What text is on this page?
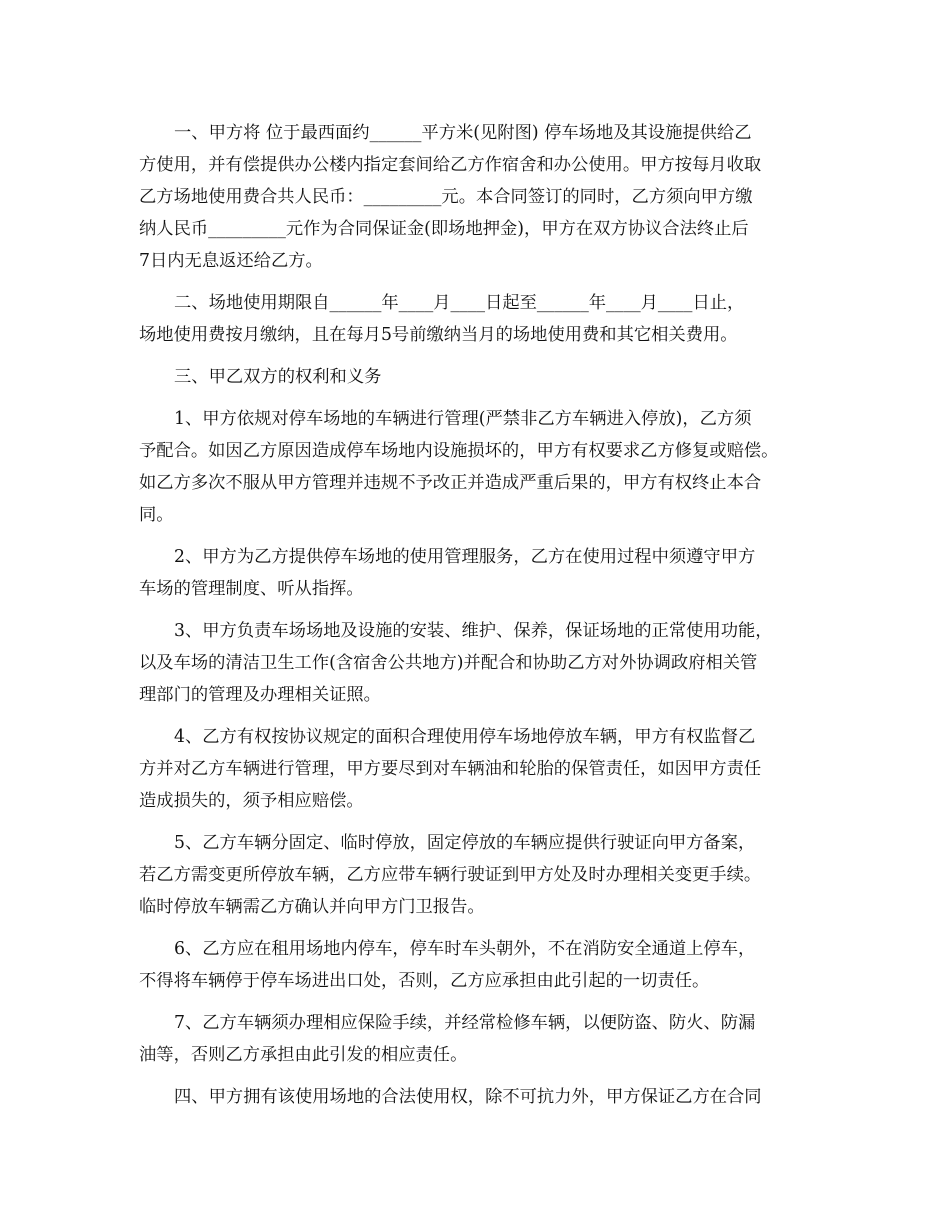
一、甲方将 位于最西面约______平方米(见附图) 停车场地及其设施提供给乙
方使用，并有偿提供办公楼内指定套间给乙方作宿舍和办公使用。甲方按每月收取
乙方场地使用费合共人民币：_________元。本合同签订的同时，乙方须向甲方缴
纳人民币_________元作为合同保证金(即场地押金)，甲方在双方协议合法终止后
7日内无息返还给乙方。
二、场地使用期限自______年____月____日起至______年____月____日止，
场地使用费按月缴纳，且在每月5号前缴纳当月的场地使用费和其它相关费用。
三、甲乙双方的权利和义务
1、甲方依规对停车场地的车辆进行管理(严禁非乙方车辆进入停放)，乙方须
予配合。如因乙方原因造成停车场地内设施损坏的，甲方有权要求乙方修复或赔偿。
如乙方多次不服从甲方管理并违规不予改正并造成严重后果的，甲方有权终止本合
同。
2、甲方为乙方提供停车场地的使用管理服务，乙方在使用过程中须遵守甲方
车场的管理制度、听从指挥。
3、甲方负责车场场地及设施的安装、维护、保养，保证场地的正常使用功能，
以及车场的清洁卫生工作(含宿舍公共地方)并配合和协助乙方对外协调政府相关管
理部门的管理及办理相关证照。
4、乙方有权按协议规定的面积合理使用停车场地停放车辆，甲方有权监督乙
方并对乙方车辆进行管理，甲方要尽到对车辆油和轮胎的保管责任，如因甲方责任
造成损失的，须予相应赔偿。
5、乙方车辆分固定、临时停放，固定停放的车辆应提供行驶证向甲方备案，
若乙方需变更所停放车辆，乙方应带车辆行驶证到甲方处及时办理相关变更手续。
临时停放车辆需乙方确认并向甲方门卫报告。
6、乙方应在租用场地内停车，停车时车头朝外，不在消防安全通道上停车，
不得将车辆停于停车场进出口处，否则，乙方应承担由此引起的一切责任。
7、乙方车辆须办理相应保险手续，并经常检修车辆，以便防盗、防火、防漏
油等，否则乙方承担由此引发的相应责任。
四、甲方拥有该使用场地的合法使用权，除不可抗力外，甲方保证乙方在合同
